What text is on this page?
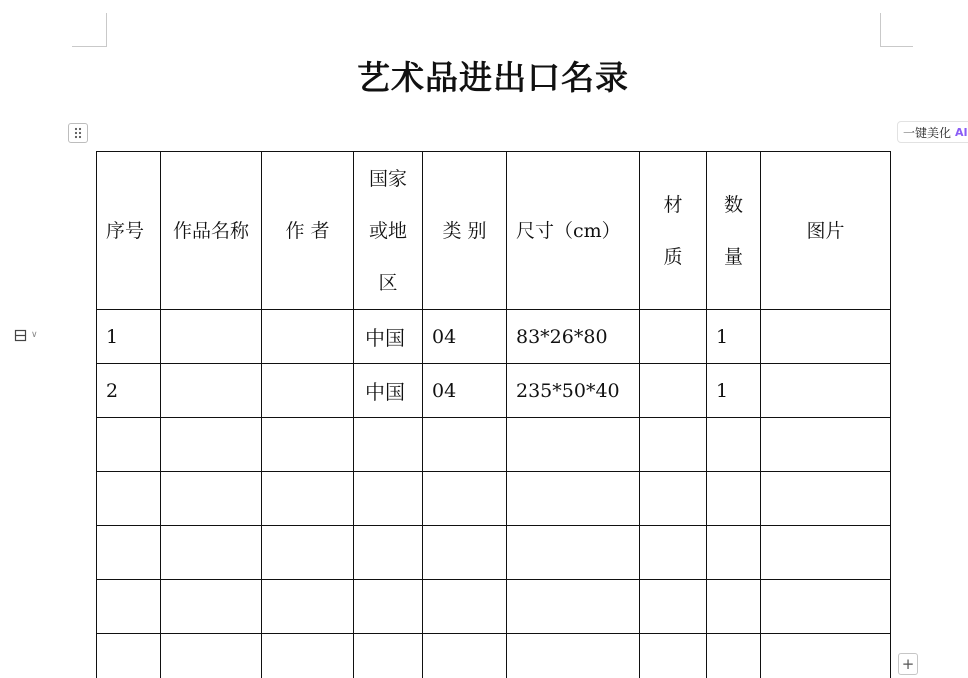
艺术品进出口名录
一键美化 AI
∨
序号	作品名称	作 者	国家或地区	类 别	尺寸（cm）	材质	数量	图片
1			中国	04	83*26*80		1	
2			中国	04	235*50*40		1	

+
